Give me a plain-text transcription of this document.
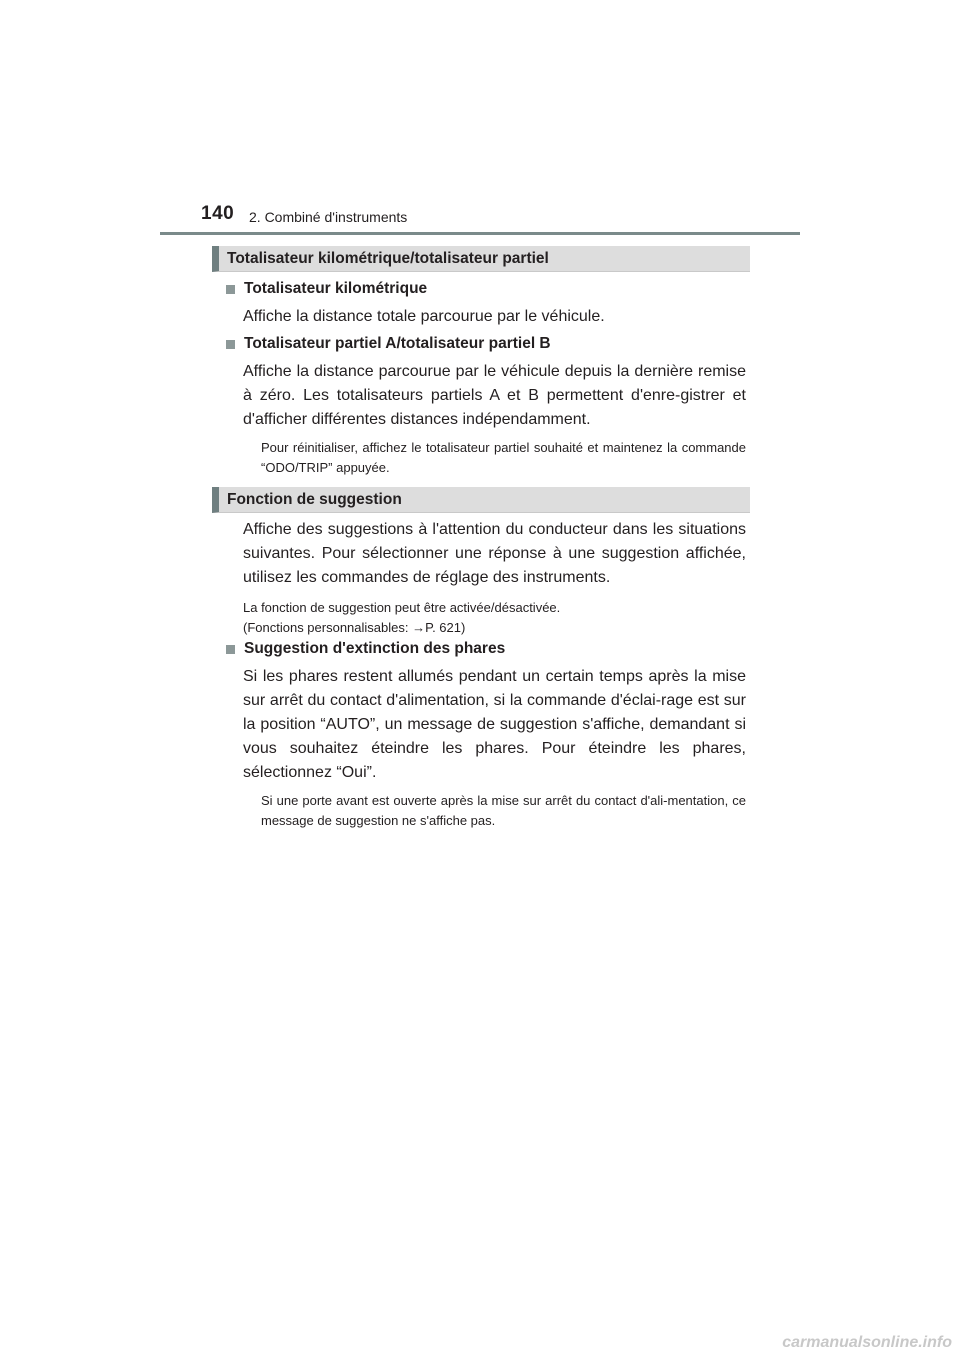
140 2. Combiné d'instruments
Totalisateur kilométrique/totalisateur partiel
Totalisateur kilométrique
Affiche la distance totale parcourue par le véhicule.
Totalisateur partiel A/totalisateur partiel B
Affiche la distance parcourue par le véhicule depuis la dernière remise à zéro. Les totalisateurs partiels A et B permettent d'enre-gistrer et d'afficher différentes distances indépendamment.
Pour réinitialiser, affichez le totalisateur partiel souhaité et maintenez la commande “ODO/TRIP” appuyée.
Fonction de suggestion
Affiche des suggestions à l'attention du conducteur dans les situations suivantes. Pour sélectionner une réponse à une suggestion affichée, utilisez les commandes de réglage des instruments.
La fonction de suggestion peut être activée/désactivée.
(Fonctions personnalisables: →P. 621)
Suggestion d'extinction des phares
Si les phares restent allumés pendant un certain temps après la mise sur arrêt du contact d'alimentation, si la commande d'éclai-rage est sur la position “AUTO”, un message de suggestion s'affiche, demandant si vous souhaitez éteindre les phares. Pour éteindre les phares, sélectionnez “Oui”.
Si une porte avant est ouverte après la mise sur arrêt du contact d'ali-mentation, ce message de suggestion ne s'affiche pas.
carmanualsonline.info
